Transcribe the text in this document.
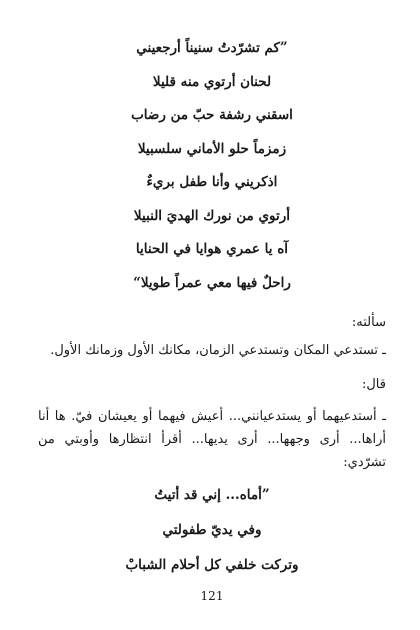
”كم تشرّدتُ سنيناً أرجعيني
لحنان أرتوي منه قليلا
اسقني رشفة حبّ من رضاب
زمزماً حلو الأماني سلسبيلا
اذكريني وأنا طفل بريءٌ
أرتوي من نورك الهديَ النبيلا
آه يا عمري هوايا في الحنايا
راحلٌ فيها معي عمراً طويلا“
سألته:
ـ تستدعي المكان وتستدعي الزمان، مكانك الأول وزمانك الأول.
قال:
ـ أستدعيهما أو يستدعيانني... أعيش فيهما أو يعيشان فيّ. ها أنا أراها... أرى وجهها... أرى يديها... أقرأ انتظارها وأوبتي من تشرّدي:
”أماه... إني قد أتيتُ
وفي يديّ طفولتي
وتركت خلفي كل أحلام الشبابْ
121
